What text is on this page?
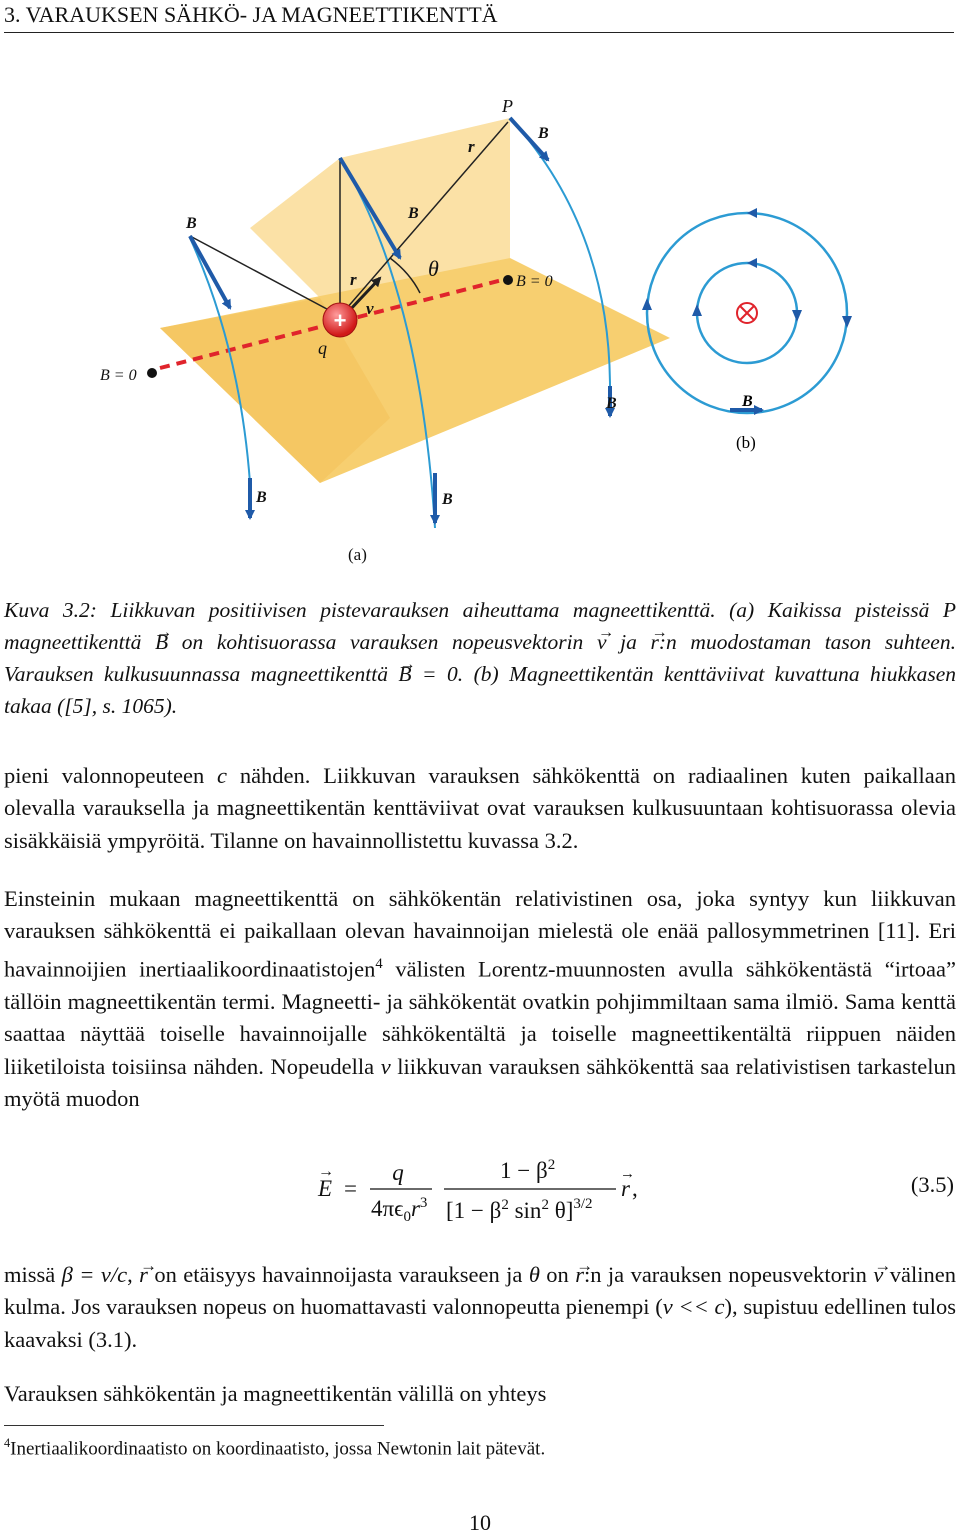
3. VARAUKSEN SÄHKÖ- JA MAGNEETTIKENTTÄ
+
P
r
B
B
B
r
v
θ
B = 0
q
B = 0
B
B	B
(a)
B
(b)
Kuva 3.2: Liikkuvan positiivisen pistevarauksen aiheuttama magneettikenttä. (a) Kaikissa pisteissä P magneettikenttä → B on kohtisuorassa varauksen nopeusvektorin → v ja → r:n muodostaman tason suhteen. Varauksen kulkusuunnassa magneettikenttä → B = 0. (b) Magneettikentän kenttäviivat kuvattuna hiukkasen takaa ([5], s. 1065).
pieni valonnopeuteen c nähden. Liikkuvan varauksen sähkökenttä on radiaalinen kuten paikallaan olevalla varauksella ja magneettikentän kenttäviivat ovat varauksen kulkusuuntaan kohtisuorassa olevia sisäkkäisiä ympyröitä. Tilanne on havainnollistettu kuvassa 3.2.
Einsteinin mukaan magneettikenttä on sähkökentän relativistinen osa, joka syntyy kun liikkuvan varauksen sähkökenttä ei paikallaan olevan havainnoijan mielestä ole enää pallosymmetrinen [11]. Eri havainnoijien inertiaalikoordinaatistojen$^4$ välisten Lorentz-muunnosten avulla sähkökentästä “irtoaa” tällöin magneettikentän termi. Magneetti- ja sähkökentät ovatkin pohjimmiltaan sama ilmiö. Sama kenttä saattaa näyttää toiselle havainnoijalle sähkökentältä ja toiselle magneettikentältä riippuen näiden liiketiloista toisiinsa nähden. Nopeudella v liikkuvan varauksen sähkökenttä saa relativistisen tarkastelun myötä muodon
E
→
=
q
$4\pi\epsilon_0r^3$
$1 - \beta^2$
[$1 - \beta^2$ $\sin^2 \theta]^{3/2}$
r
→
,	(3.5)
missä β = v/c, → r on etäisyys havainnoijasta varaukseen ja θ on → r:n ja varauksen nopeusvektorin → v välinen kulma. Jos varauksen nopeus on huomattavasti valonnopeutta pienempi (v << c), supistuu edellinen tulos kaavaksi (3.1).
Varauksen sähkökentän ja magneettikentän välillä on yhteys
$^4$Inertiaalikoordinaatisto on koordinaatisto, jossa Newtonin lait pätevät.
10
